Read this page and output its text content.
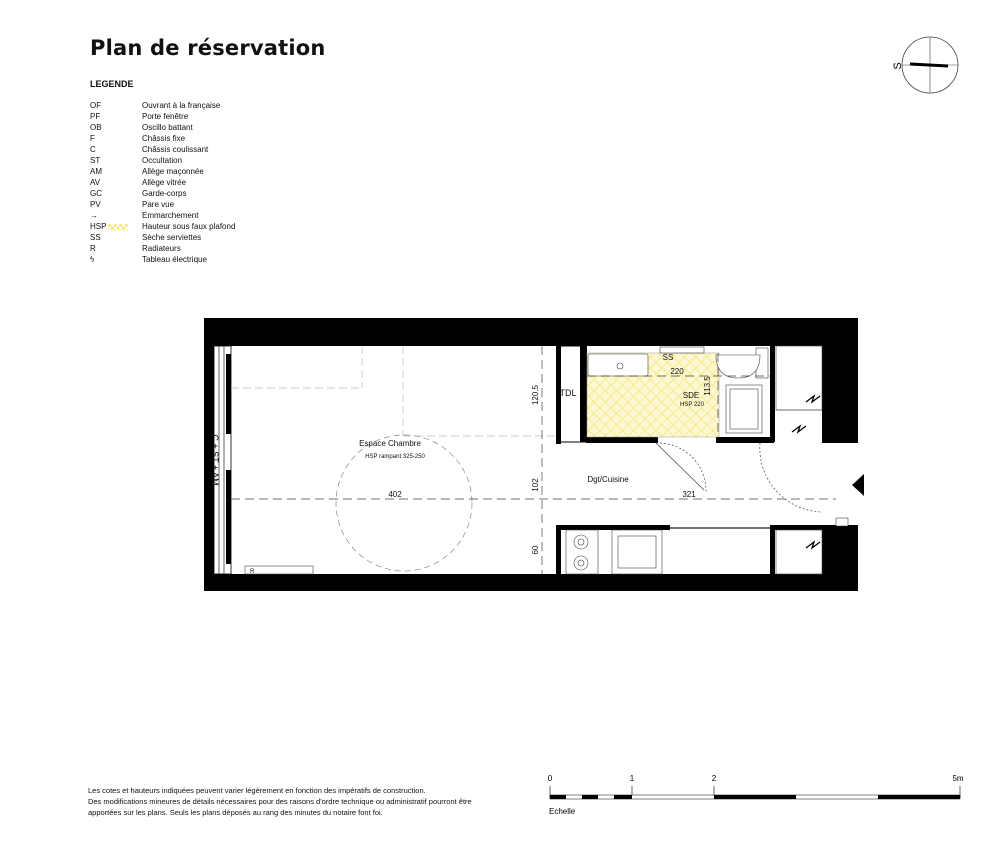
Plan de réservation
LEGENDE
OF	Ouvrant à la française
PF	Porte fenêtre
OB	Oscillo battant
F	Châssis fixe
C	Châssis coulissant
ST	Occultation
AM	Allège maçonnée
AV	Allège vitrée
GC	Garde-corps
PV	Pare vue
→	Emmarchement
HSP	Hauteur sous faux plafond
SS	Sèche serviettes
R	Radiateurs
ϟ	Tableau électrique
S
C + ST + AM	Espace Chambre
HSP rampant 325-250
Dgt/Cuisine
SDE
HSP 220
TDL
SS
R
402	321
220
120.5
102
60
113.5
0	1	2	5m
Echelle
Les cotes et hauteurs indiquées peuvent varier légèrement en fonction des impératifs de construction.
Des modifications mineures de détails nécessaires pour des raisons d'ordre technique ou administratif pourront être
apportées sur les plans. Seuls les plans déposés au rang des minutes du notaire font foi.
